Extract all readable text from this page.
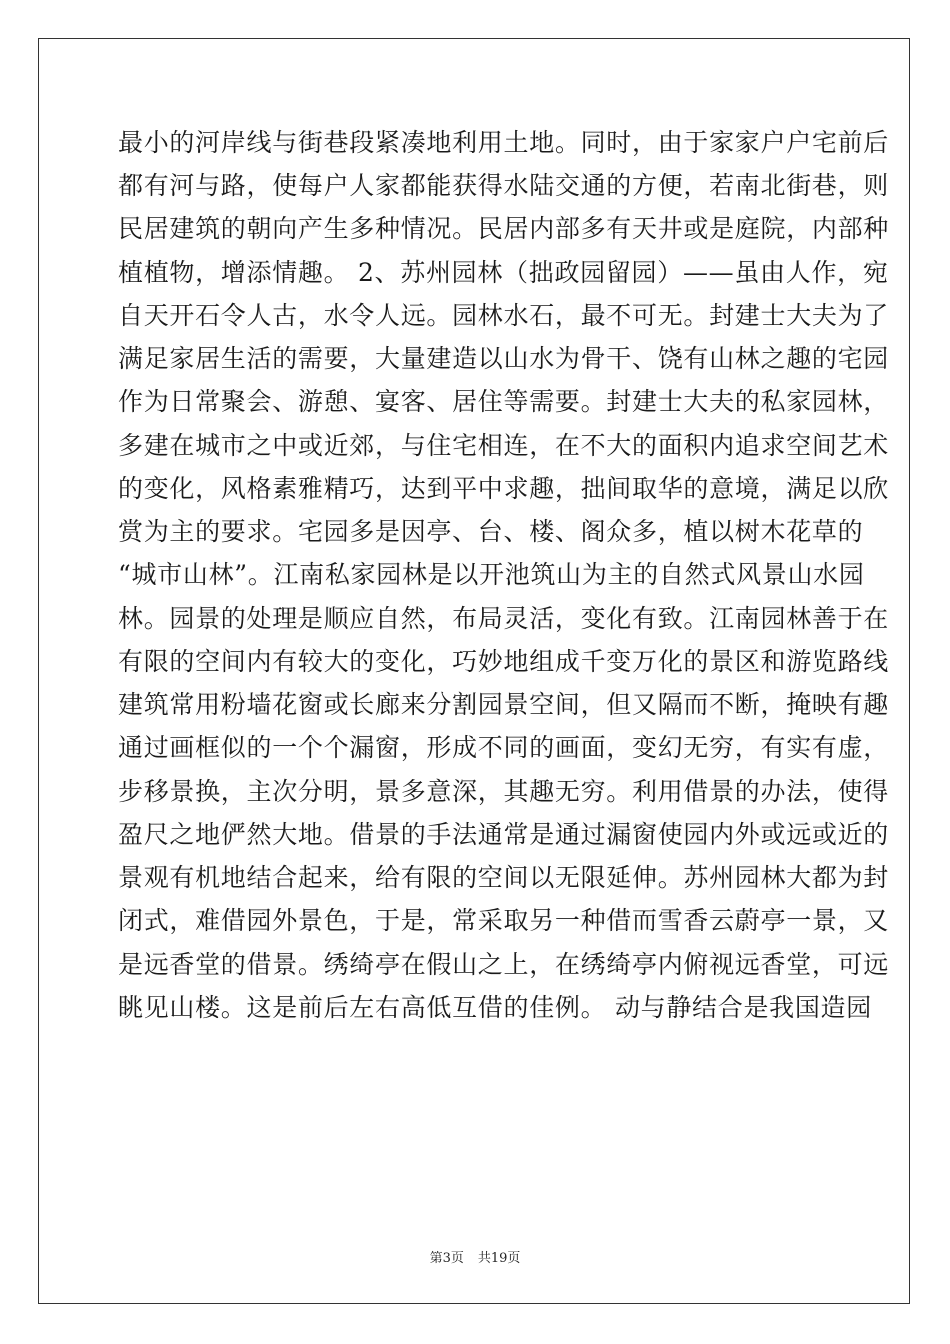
最小的河岸线与街巷段紧凑地利用土地。同时，由于家家户户宅前后
都有河与路，使每户人家都能获得水陆交通的方便，若南北街巷，则
民居建筑的朝向产生多种情况。民居内部多有天井或是庭院，内部种
植植物，增添情趣。 2、苏州园林（拙政园留园）——虽由人作，宛
自天开石令人古，水令人远。园林水石，最不可无。封建士大夫为了
满足家居生活的需要，大量建造以山水为骨干、饶有山林之趣的宅园
作为日常聚会、游憩、宴客、居住等需要。封建士大夫的私家园林，
多建在城市之中或近郊，与住宅相连，在不大的面积内追求空间艺术
的变化，风格素雅精巧，达到平中求趣，拙间取华的意境，满足以欣
赏为主的要求。宅园多是因亭、台、楼、阁众多，植以树木花草的
“城市山林”。江南私家园林是以开池筑山为主的自然式风景山水园
林。园景的处理是顺应自然，布局灵活，变化有致。江南园林善于在
有限的空间内有较大的变化，巧妙地组成千变万化的景区和游览路线
建筑常用粉墙花窗或长廊来分割园景空间，但又隔而不断，掩映有趣
通过画框似的一个个漏窗，形成不同的画面，变幻无穷，有实有虚，
步移景换，主次分明，景多意深，其趣无穷。利用借景的办法，使得
盈尺之地俨然大地。借景的手法通常是通过漏窗使园内外或远或近的
景观有机地结合起来，给有限的空间以无限延伸。苏州园林大都为封
闭式，难借园外景色，于是，常采取另一种借而雪香云蔚亭一景，又
是远香堂的借景。绣绮亭在假山之上，在绣绮亭内俯视远香堂，可远
眺见山楼。这是前后左右高低互借的佳例。 动与静结合是我国造园
第3页 共19页
